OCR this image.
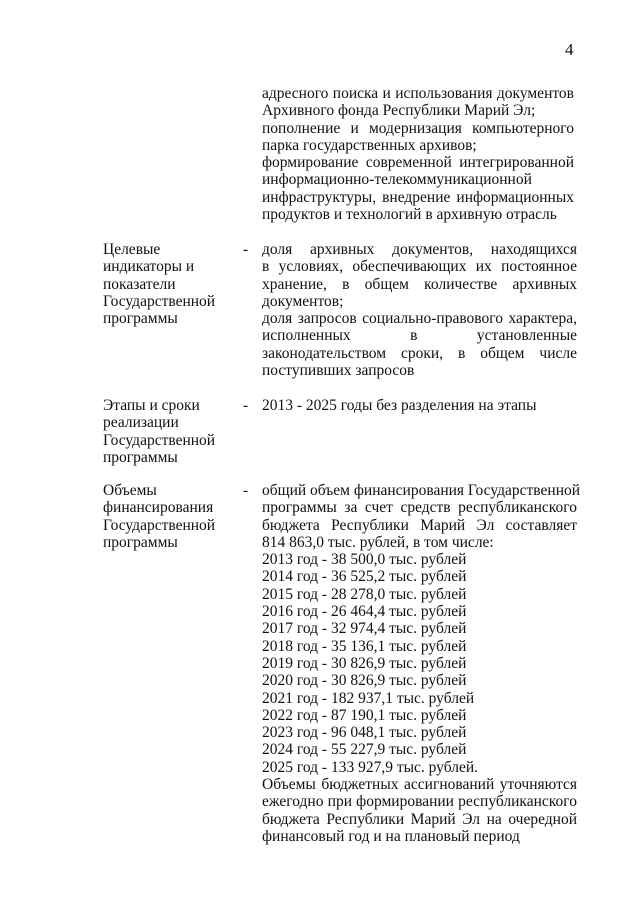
4
адресного поиска и использования документов
Архивного фонда Республики Марий Эл;
пополнение и модернизация компьютерного
парка государственных архивов;
формирование современной интегрированной
информационно-телекоммуникационной
инфраструктуры, внедрение информационных
продуктов и технологий в архивную отрасль
Целевые
индикаторы и
показатели
Государственной
программы
- доля архивных документов, находящихся
в условиях, обеспечивающих их постоянное
хранение, в общем количестве архивных
документов;
доля запросов социально-правового характера,
исполненных в установленные
законодательством сроки, в общем числе
поступивших запросов
Этапы и сроки
реализации
Государственной
программы
- 2013 - 2025 годы без разделения на этапы
Объемы
финансирования
Государственной
программы
- общий объем финансирования Государственной
программы за счет средств республиканского
бюджета Республики Марий Эл составляет
814 863,0 тыс. рублей, в том числе:
2013 год - 38 500,0 тыс. рублей
2014 год - 36 525,2 тыс. рублей
2015 год - 28 278,0 тыс. рублей
2016 год - 26 464,4 тыс. рублей
2017 год - 32 974,4 тыс. рублей
2018 год - 35 136,1 тыс. рублей
2019 год - 30 826,9 тыс. рублей
2020 год - 30 826,9 тыс. рублей
2021 год - 182 937,1 тыс. рублей
2022 год - 87 190,1 тыс. рублей
2023 год - 96 048,1 тыс. рублей
2024 год - 55 227,9 тыс. рублей
2025 год - 133 927,9 тыс. рублей.
Объемы бюджетных ассигнований уточняются
ежегодно при формировании республиканского
бюджета Республики Марий Эл на очередной
финансовый год и на плановый период
